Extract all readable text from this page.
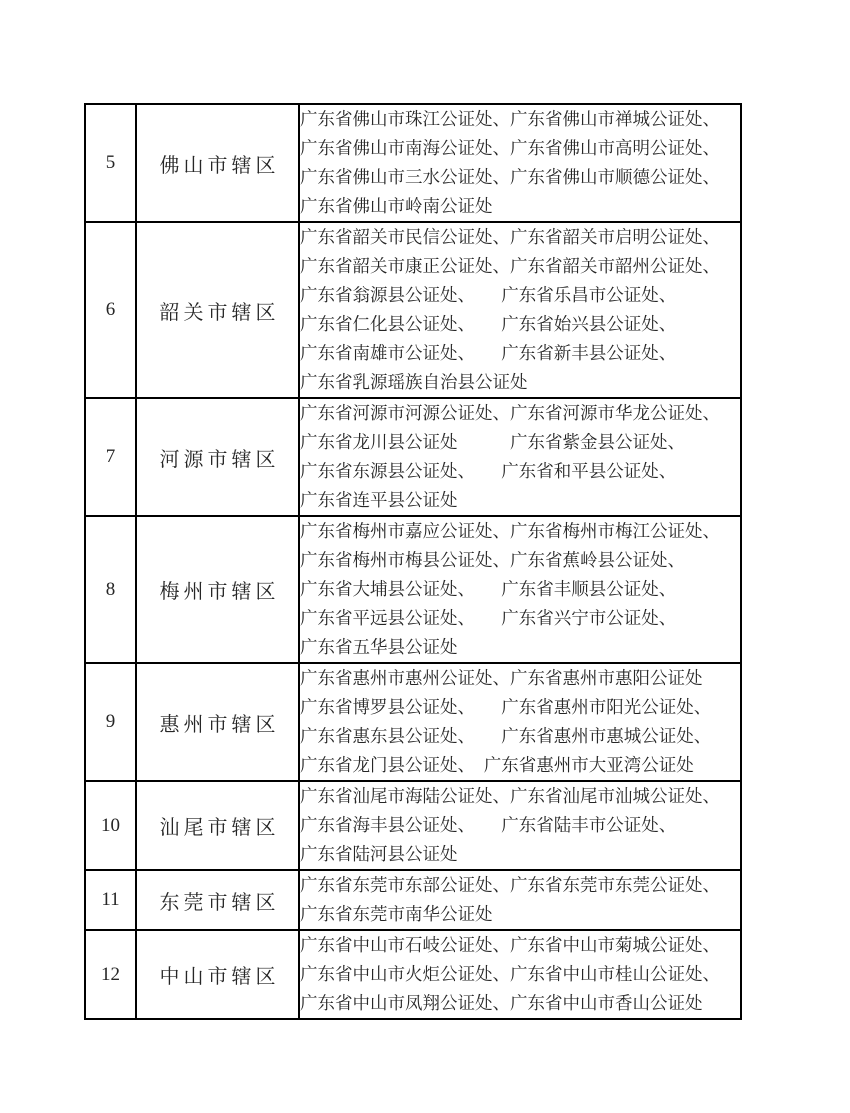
5	佛山市辖区	广东省佛山市珠江公证处、广东省佛山市禅城公证处、
广东省佛山市南海公证处、广东省佛山市高明公证处、
广东省佛山市三水公证处、广东省佛山市顺德公证处、
广东省佛山市岭南公证处

6	韶关市辖区	
广东省韶关市民信公证处、广东省韶关市启明公证处、
广东省韶关市康正公证处、广东省韶关市韶州公证处、
广东省翁源县公证处、　　广东省乐昌市公证处、
广东省仁化县公证处、　　广东省始兴县公证处、
广东省南雄市公证处、　　广东省新丰县公证处、
广东省乳源瑶族自治县公证处

7	河源市辖区	广东省河源市河源公证处、广东省河源市华龙公证处、
广东省龙川县公证处　　　广东省紫金县公证处、
广东省东源县公证处、　　广东省和平县公证处、
广东省连平县公证处

8	梅州市辖区	广东省梅州市嘉应公证处、广东省梅州市梅江公证处、
广东省梅州市梅县公证处、广东省蕉岭县公证处、
广东省大埔县公证处、　　广东省丰顺县公证处、
广东省平远县公证处、　　广东省兴宁市公证处、
广东省五华县公证处

9	惠州市辖区	广东省惠州市惠州公证处、广东省惠州市惠阳公证处
广东省博罗县公证处、　　广东省惠州市阳光公证处、
广东省惠东县公证处、　　广东省惠州市惠城公证处、
广东省龙门县公证处、　广东省惠州市大亚湾公证处

10	汕尾市辖区	广东省汕尾市海陆公证处、广东省汕尾市汕城公证处、
广东省海丰县公证处、　　广东省陆丰市公证处、
广东省陆河县公证处

11	东莞市辖区	广东省东莞市东部公证处、广东省东莞市东莞公证处、
广东省东莞市南华公证处

12	中山市辖区	广东省中山市石岐公证处、广东省中山市菊城公证处、
广东省中山市火炬公证处、广东省中山市桂山公证处、
广东省中山市凤翔公证处、广东省中山市香山公证处
